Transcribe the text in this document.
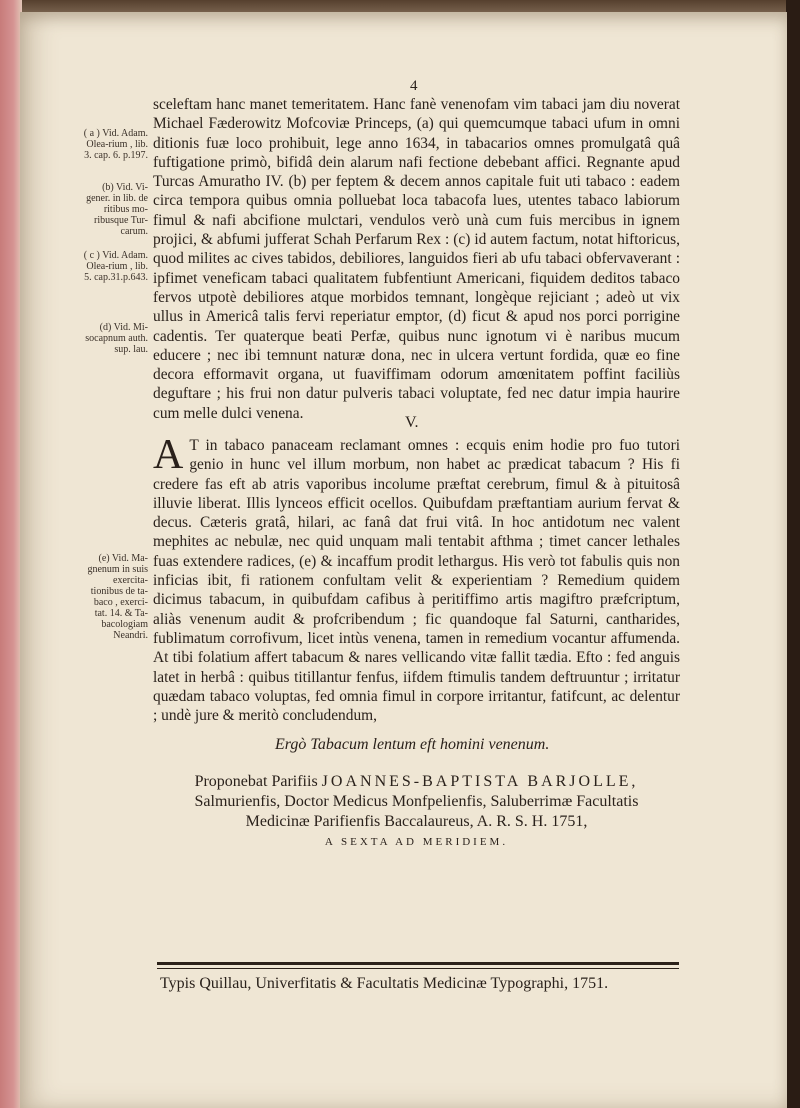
4
( a ) Vid. Adam. Olea-rium , lib. 3. cap. 6. p.197.
(b) Vid. Vi-gener. in lib. de ritibus mo-ribusque Tur-carum.
( c ) Vid. Adam. Olea-rium , lib. 5. cap.31.p.643.
(d) Vid. Mi-socapnum auth. sup. lau.
(e) Vid. Ma-gnenum in suis exercita-tionibus de ta-baco , exerci-tat. 14. & Ta-bacologiam Neandri.

sceleftam hanc manet temeritatem. Hanc fanè venenofam vim tabaci jam diu noverat Michael Fæderowitz Mofcoviæ Princeps, (a) qui quemcumque tabaci ufum in omni ditionis fuæ loco prohibuit, lege anno 1634, in tabacarios omnes promulgatâ quâ fuftigatione primò, bifidâ dein alarum nafi fectione debebant affici. Regnante apud Turcas Amuratho IV. (b) per feptem & decem annos capitale fuit uti tabaco : eadem circa tempora quibus omnia polluebat loca tabacofa lues, utentes tabaco labiorum fimul & nafi abcifione mulctari, vendulos verò unà cum fuis mercibus in ignem projici, & abfumi jufferat Schah Perfarum Rex : (c) id autem factum, notat hiftoricus, quod milites ac cives tabidos, debiliores, languidos fieri ab ufu tabaci obfervaverant : ipfimet veneficam tabaci qualitatem fubfentiunt Americani, fiquidem deditos tabaco fervos utpotè debiliores atque morbidos temnant, longèque rejiciant ; adeò ut vix ullus in Americâ talis fervi reperiatur emptor, (d) ficut & apud nos porci porrigine cadentis. Ter quaterque beati Perfæ, quibus nunc ignotum vi è naribus mucum educere ; nec ibi temnunt naturæ dona, nec in ulcera vertunt fordida, quæ eo fine decora efformavit organa, ut fuaviffimam odorum amœnitatem poffint faciliùs deguftare ; his frui non datur pulveris tabaci voluptate, fed nec datur impia haurire cum melle dulci venena.

V.
A T in tabaco panaceam reclamant omnes : ecquis enim hodie pro fuo tutori genio in hunc vel illum morbum, non habet ac prædicat tabacum ? His fi credere fas eft ab atris vaporibus incolume præftat cerebrum, fimul & à pituitosâ illuvie liberat. Illis lynceos efficit ocellos. Quibufdam præftantiam aurium fervat & decus. Cæteris gratâ, hilari, ac fanâ dat frui vitâ. In hoc antidotum nec valent mephites ac nebulæ, nec quid unquam mali tentabit afthma ; timet cancer lethales fuas extendere radices, (e) & incaffum prodit lethargus. His verò tot fabulis quis non inficias ibit, fi rationem confultam velit & experientiam ? Remedium quidem dicimus tabacum, in quibufdam cafibus à peritiffimo artis magiftro præfcriptum, aliàs venenum audit & profcribendum ; fic quandoque fal Saturni, cantharides, fublimatum corrofivum, licet intùs venena, tamen in remedium vocantur affumenda. At tibi folatium affert tabacum & nares vellicando vitæ fallit tædia. Efto : fed anguis latet in herbâ : quibus titillantur fenfus, iifdem ftimulis tandem deftruuntur ; irritatur quædam tabaco voluptas, fed omnia fimul in corpore irritantur, fatifcunt, ac delentur ; undè jure & meritò concludendum,
Ergò Tabacum lentum eft homini venenum.
Proponebat Parifiis JOANNES-BAPTISTA BARJOLLE,
Salmurienfis, Doctor Medicus Monfpelienfis, Saluberrimæ Facultatis
Medicinæ Parifienfis Baccalaureus, A. R. S. H. 1751,
A SEXTA AD MERIDIEM.
Typis Quillau, Univerfitatis & Facultatis Medicinæ Typographi, 1751.
